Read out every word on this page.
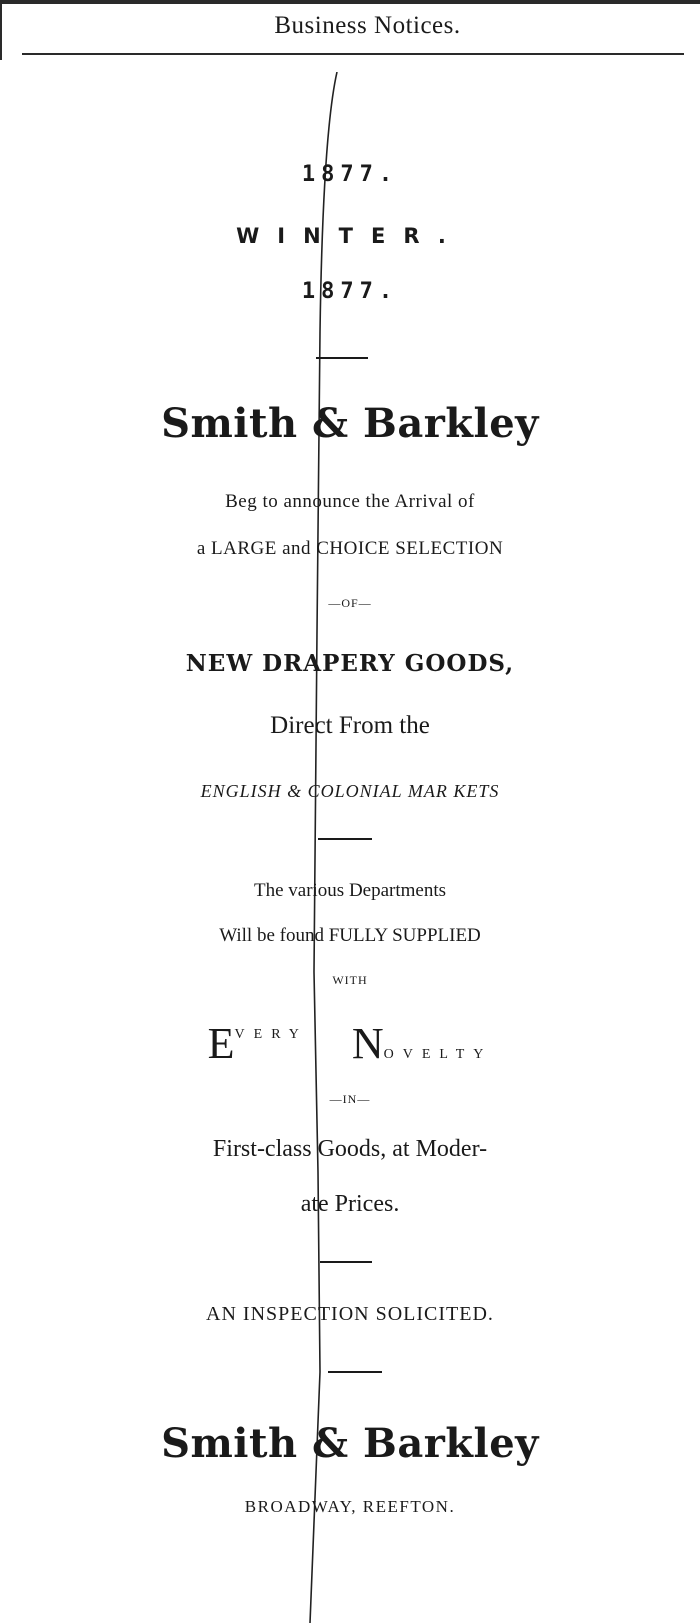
Business Notices.
1877.
WINTER.
1877.
Smith & Barkley
Beg to announce the Arrival of
a LARGE and CHOICE SELECTION
—OF—
NEW DRAPERY GOODS,
Direct From the
ENGLISH & COLONIAL MAR KETS
The various Departments
Will be found FULLY SUPPLIED
WITH
$E^{VERY}$ NOVELTY
—IN—
First-class Goods, at Moder-
ate Prices.
AN INSPECTION SOLICITED.
Smith & Barkley
BROADWAY, REEFTON.
